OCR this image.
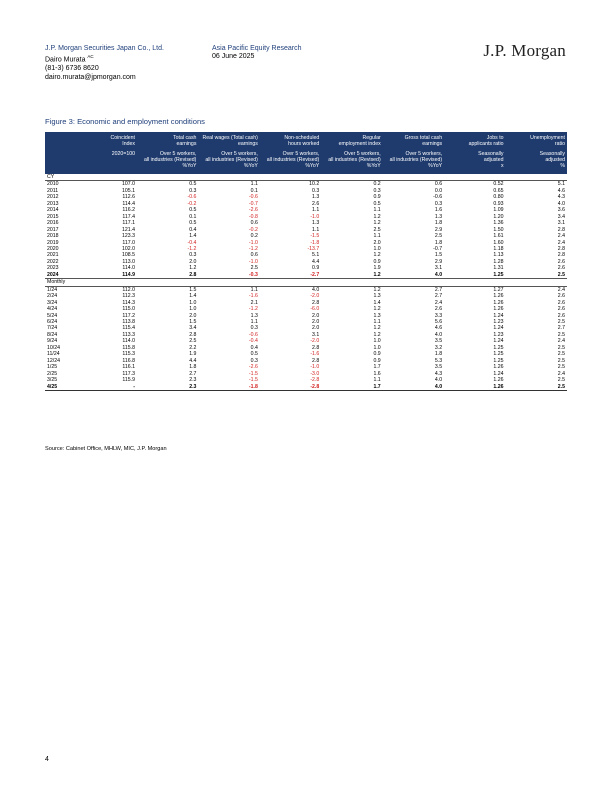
J.P. Morgan Securities Japan Co., Ltd.
Dairo Murata $^{AC}$
(81-3) 6736 8620
dairo.murata@jpmorgan.com
Asia Pacific Equity Research
06 June 2025	J.P. Morgan
Figure 3: Economic and employment conditions
	Coincident
Index	Total cash
earnings	Real wages (Total cash)
earnings	Non-scheduled
hours worked	Regular
employment index	Gross total cash
earnings	Jobs to
applicants ratio	Unemployment
ratio
	2020=100	Over 5 workers,
all industries (Revised)
%YoY	Over 5 workers,
all industries (Revised)
%YoY	Over 5 workers,
all industries (Revised)
%YoY	Over 5 workers,
all industries (Revised)
%YoY	Over 5 workers,
all industries (Revised)
%YoY	Seasonally
adjusted
x	Seasonally
adjusted
%
CY								
2010	107.0	0.5	1.1	10.2	0.2	0.6	0.52	5.1
2011	105.1	0.3	0.1	0.3	0.3	0.0	0.65	4.6
2012	112.6	-0.6	-0.6	1.3	0.9	-0.6	0.80	4.3
2013	114.4	-0.2	-0.7	2.6	0.5	0.3	0.93	4.0
2014	116.2	0.5	-2.6	1.1	1.1	1.6	1.09	3.6
2015	117.4	0.1	-0.8	-1.0	1.2	1.3	1.20	3.4
2016	117.1	0.5	0.6	1.3	1.2	1.8	1.36	3.1
2017	121.4	0.4	-0.2	1.1	2.5	2.9	1.50	2.8
2018	123.3	1.4	0.2	-1.5	1.1	2.5	1.61	2.4
2019	117.0	-0.4	-1.0	-1.8	2.0	1.8	1.60	2.4
2020	102.0	-1.2	-1.2	-13.7	1.0	-0.7	1.18	2.8
2021	108.5	0.3	0.6	5.1	1.2	1.5	1.13	2.8
2022	113.0	2.0	-1.0	4.4	0.9	2.9	1.28	2.6
2023	114.0	1.2	2.5	0.9	1.9	3.1	1.31	2.6
2024	114.9	2.8	-0.3	-2.7	1.2	4.0	1.25	2.5
Monthly								
1/24	112.0	1.5	1.1	4.0	1.2	2.7	1.27	2.4
2/24	112.3	1.4	-1.6	-2.0	1.3	2.7	1.26	2.6
3/24	114.3	1.0	2.1	2.8	1.4	2.4	1.26	2.6
4/24	115.0	1.0	-1.2	-6.0	1.2	2.6	1.26	2.6
5/24	117.2	2.0	1.3	2.0	1.3	3.3	1.24	2.6
6/24	113.8	1.5	1.1	2.0	1.1	5.6	1.23	2.5
7/24	115.4	3.4	0.3	2.0	1.2	4.6	1.24	2.7
8/24	113.3	2.8	-0.6	3.1	1.2	4.0	1.23	2.5
9/24	114.0	2.5	-0.4	-2.0	1.0	3.5	1.24	2.4
10/24	115.8	2.2	0.4	2.8	1.0	3.2	1.25	2.5
11/24	115.3	1.9	0.5	-1.6	0.9	1.8	1.25	2.5
12/24	116.8	4.4	0.3	2.8	0.9	5.3	1.25	2.5
1/25	116.1	1.8	-2.6	-1.0	1.7	3.5	1.26	2.5
2/25	117.3	2.7	-1.5	-3.0	1.6	4.3	1.24	2.4
3/25	115.9	2.3	-1.5	-2.8	1.1	4.0	1.26	2.5
4/25	-	2.3	-1.8	-2.8	1.7	4.0	1.26	2.5
Source: Cabinet Office, MHLW, MIC, J.P. Morgan
4
